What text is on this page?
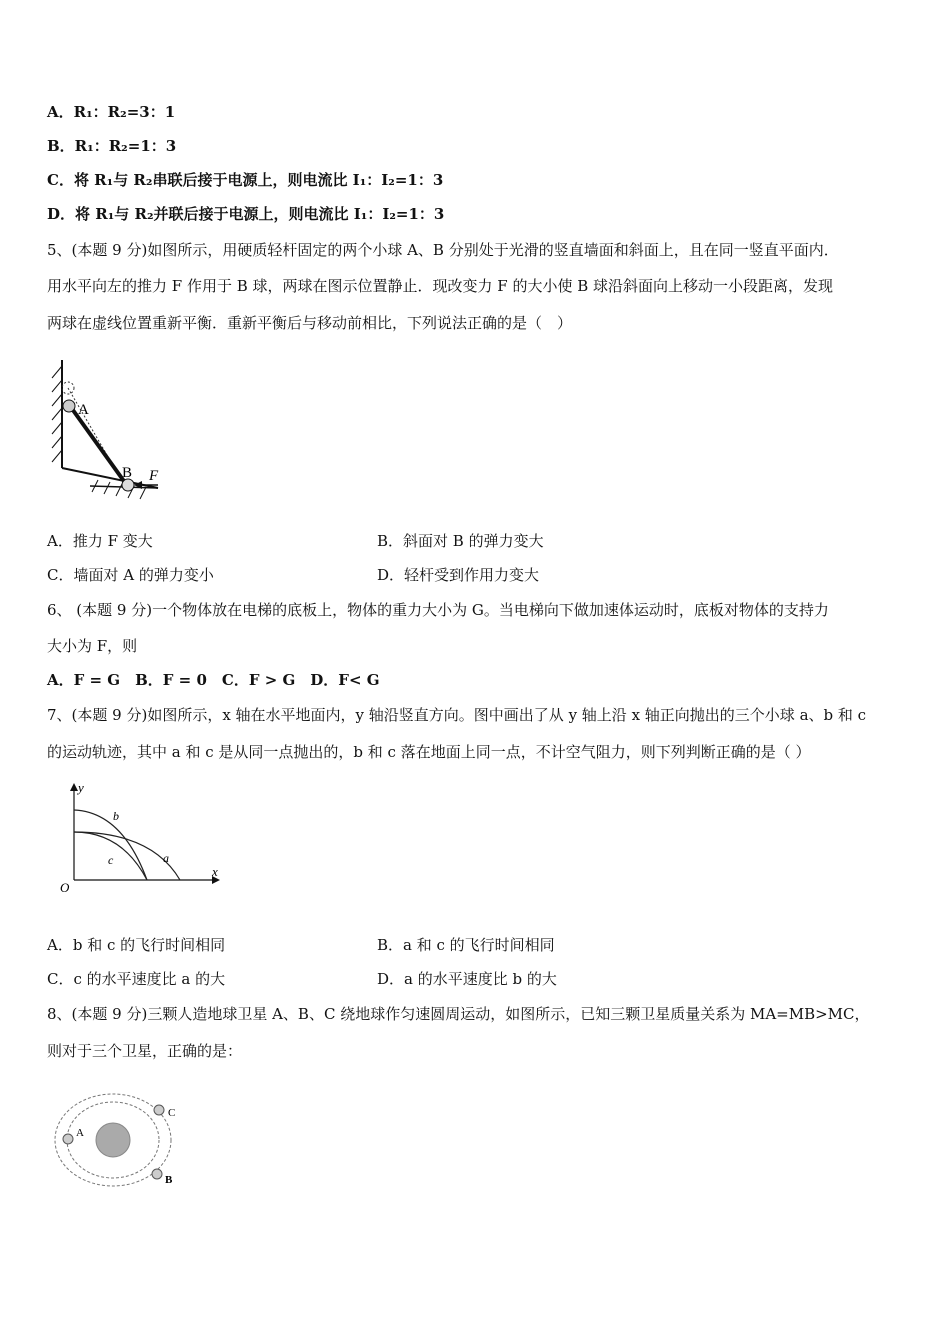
A．R₁：R₂=3：1
B．R₁：R₂=1：3
C．将 R₁与 R₂串联后接于电源上，则电流比 I₁：I₂=1：3
D．将 R₁与 R₂并联后接于电源上，则电流比 I₁：I₂=1：3
5、(本题 9 分)如图所示，用硬质轻杆固定的两个小球 A、B 分别处于光滑的竖直墙面和斜面上，且在同一竖直平面内．
用水平向左的推力 F 作用于 B 球，两球在图示位置静止．现改变力 F 的大小使 B 球沿斜面向上移动一小段距离，发现
两球在虚线位置重新平衡．重新平衡后与移动前相比，下列说法正确的是（　）
A
B F
A．推力 F 变大	B．斜面对 B 的弹力变大
C．墙面对 A 的弹力变小	D．轻杆受到作用力变大
6、 (本题 9 分)一个物体放在电梯的底板上，物体的重力大小为 G。当电梯向下做加速体运动时，底板对物体的支持力
大小为 F，则
A．F = G　B．F = 0　C．F > G　D．F< G
7、(本题 9 分)如图所示，x 轴在水平地面内，y 轴沿竖直方向。图中画出了从 y 轴上沿 x 轴正向抛出的三个小球 a、b 和 c
的运动轨迹，其中 a 和 c 是从同一点抛出的，b 和 c 落在地面上同一点，不计空气阻力，则下列判断正确的是（ ）
y
x
O
a
b
c
A．b 和 c 的飞行时间相同	B．a 和 c 的飞行时间相同
C．c 的水平速度比 a 的大	D．a 的水平速度比 b 的大
8、(本题 9 分)三颗人造地球卫星 A、B、C 绕地球作匀速圆周运动，如图所示，已知三颗卫星质量关系为 MA=MB>MC，
则对于三个卫星，正确的是：
A
C
B
